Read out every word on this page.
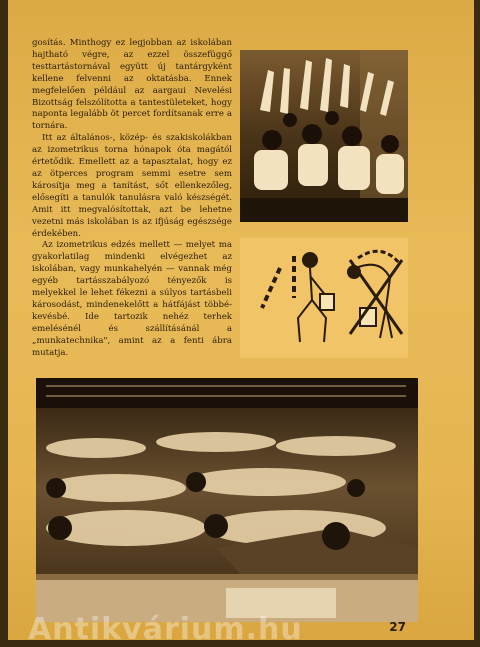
gosítás. Minthogy ez legjobban az iskolában hajtható végre, az ezzel összefüggő testtartástornával együtt új tantárgyként kellene felvenni az oktatásba. Ennek megfelelően például az aargaui Nevelési Bizottság felszólította a tantestületeket, hogy naponta legalább öt percet fordítsanak erre a tornára.

Itt az általános-, közép- és szakiskolákban az izometrikus torna hónapok óta magától értetődik. Emellett az a tapasztalat, hogy ez az ötperces program semmi esetre sem károsítja meg a tanítást, sőt ellenkezőleg, elősegíti a tanulók tanulásra való készségét. Amit itt megvalósítottak, azt be lehetne vezetni más iskolában is az ifjúság egészsége érdekében.

Az izometrikus edzés mellett — melyet ma gyakorlatilag mindenki elvégezhet az iskolában, vagy munkahelyén — vannak még egyéb tartásszabályozó tényezők is melyekkel le lehet fékezni a súlyos tartásbeli károsodást, mindenekelőtt a hátfájást többé-kevésbé. Ide tartozik nehéz terhek emelésénél és szállításánál a „munkatechnika", amint az a fenti ábra mutatja.

27
Antikvárium.hu
